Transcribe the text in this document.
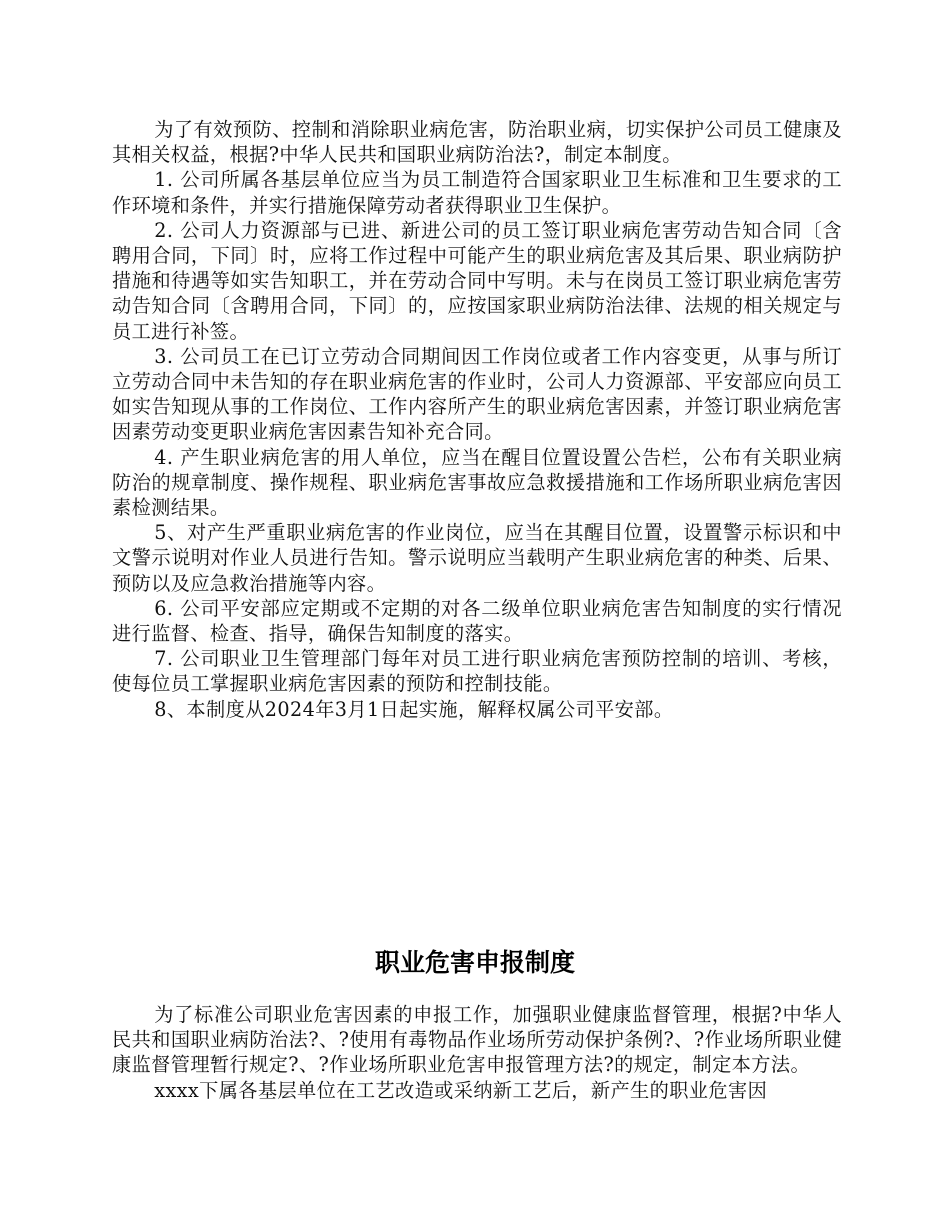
为了有效预防、控制和消除职业病危害，防治职业病，切实保护公司员工健康及其相关权益，根据?中华人民共和国职业病防治法?，制定本制度。

1. 公司所属各基层单位应当为员工制造符合国家职业卫生标准和卫生要求的工作环境和条件，并实行措施保障劳动者获得职业卫生保护。

2. 公司人力资源部与已进、新进公司的员工签订职业病危害劳动告知合同〔含聘用合同，下同〕时，应将工作过程中可能产生的职业病危害及其后果、职业病防护措施和待遇等如实告知职工，并在劳动合同中写明。未与在岗员工签订职业病危害劳动告知合同〔含聘用合同，下同〕的，应按国家职业病防治法律、法规的相关规定与员工进行补签。

3. 公司员工在已订立劳动合同期间因工作岗位或者工作内容变更，从事与所订立劳动合同中未告知的存在职业病危害的作业时，公司人力资源部、平安部应向员工如实告知现从事的工作岗位、工作内容所产生的职业病危害因素，并签订职业病危害因素劳动变更职业病危害因素告知补充合同。

4. 产生职业病危害的用人单位，应当在醒目位置设置公告栏，公布有关职业病防治的规章制度、操作规程、职业病危害事故应急救援措施和工作场所职业病危害因素检测结果。

5、对产生严重职业病危害的作业岗位，应当在其醒目位置，设置警示标识和中文警示说明对作业人员进行告知。警示说明应当载明产生职业病危害的种类、后果、预防以及应急救治措施等内容。

6. 公司平安部应定期或不定期的对各二级单位职业病危害告知制度的实行情况进行监督、检查、指导，确保告知制度的落实。

7. 公司职业卫生管理部门每年对员工进行职业病危害预防控制的培训、考核，使每位员工掌握职业病危害因素的预防和控制技能。

8、本制度从2024年3月1日起实施，解释权属公司平安部。

职业危害申报制度

为了标准公司职业危害因素的申报工作，加强职业健康监督管理，根据?中华人民共和国职业病防治法?、?使用有毒物品作业场所劳动保护条例?、?作业场所职业健康监督管理暂行规定?、?作业场所职业危害申报管理方法?的规定，制定本方法。

xxxx下属各基层单位在工艺改造或采纳新工艺后，新产生的职业危害因
